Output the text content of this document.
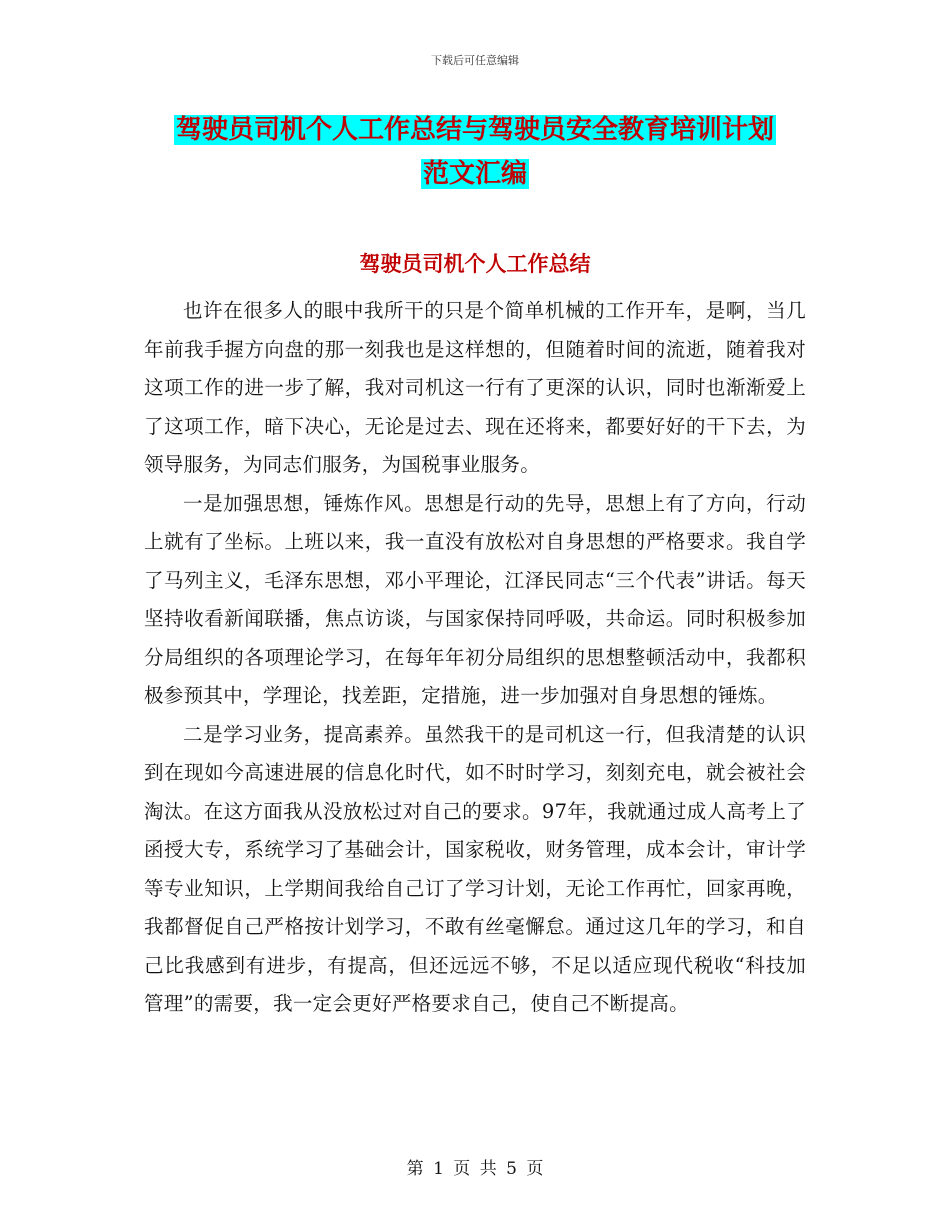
下载后可任意编辑
驾驶员司机个人工作总结与驾驶员安全教育培训计划
范文汇编
驾驶员司机个人工作总结

也许在很多人的眼中我所干的只是个简单机械的工作开车，是啊，当几年前我手握方向盘的那一刻我也是这样想的，但随着时间的流逝，随着我对这项工作的进一步了解，我对司机这一行有了更深的认识，同时也渐渐爱上了这项工作，暗下决心，无论是过去、现在还将来，都要好好的干下去，为领导服务，为同志们服务，为国税事业服务。

一是加强思想，锤炼作风。思想是行动的先导，思想上有了方向，行动上就有了坐标。上班以来，我一直没有放松对自身思想的严格要求。我自学了马列主义，毛泽东思想，邓小平理论，江泽民同志“三个代表”讲话。每天坚持收看新闻联播，焦点访谈，与国家保持同呼吸，共命运。同时积极参加分局组织的各项理论学习，在每年年初分局组织的思想整顿活动中，我都积极参预其中，学理论，找差距，定措施，进一步加强对自身思想的锤炼。

二是学习业务，提高素养。虽然我干的是司机这一行，但我清楚的认识到在现如今高速进展的信息化时代，如不时时学习，刻刻充电，就会被社会淘汰。在这方面我从没放松过对自己的要求。97年，我就通过成人高考上了函授大专，系统学习了基础会计，国家税收，财务管理，成本会计，审计学等专业知识，上学期间我给自己订了学习计划，无论工作再忙，回家再晚，我都督促自己严格按计划学习，不敢有丝毫懈怠。通过这几年的学习，和自己比我感到有进步，有提高，但还远远不够，不足以适应现代税收“科技加管理”的需要，我一定会更好严格要求自己，使自己不断提高。

第 1 页 共 5 页
